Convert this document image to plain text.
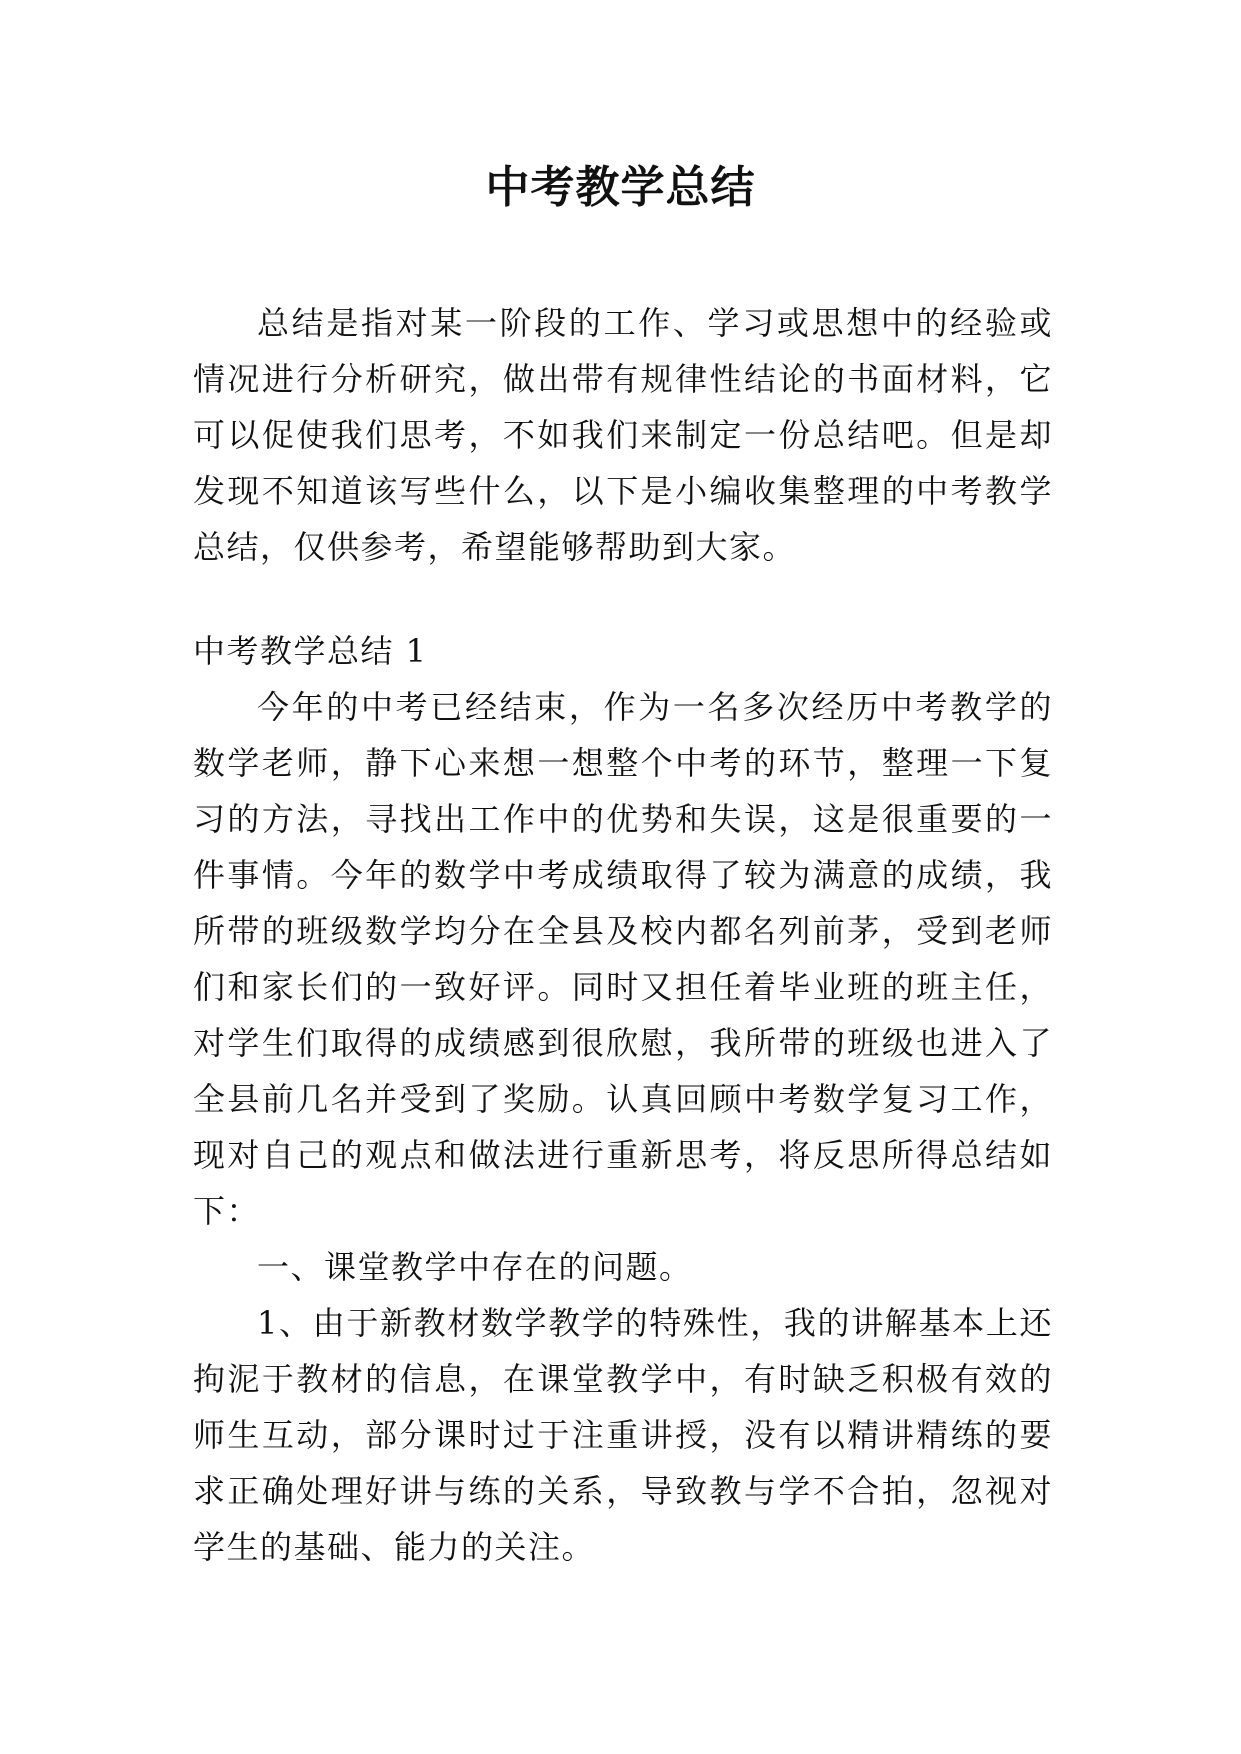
中考教学总结

总结是指对某一阶段的工作、学习或思想中的经验或情况进行分析研究，做出带有规律性结论的书面材料，它可以促使我们思考，不如我们来制定一份总结吧。但是却发现不知道该写些什么，以下是小编收集整理的中考教学总结，仅供参考，希望能够帮助到大家。

中考教学总结 1

今年的中考已经结束，作为一名多次经历中考教学的数学老师，静下心来想一想整个中考的环节，整理一下复习的方法，寻找出工作中的优势和失误，这是很重要的一件事情。今年的数学中考成绩取得了较为满意的成绩，我所带的班级数学均分在全县及校内都名列前茅，受到老师们和家长们的一致好评。同时又担任着毕业班的班主任，对学生们取得的成绩感到很欣慰，我所带的班级也进入了全县前几名并受到了奖励。认真回顾中考数学复习工作，现对自己的观点和做法进行重新思考，将反思所得总结如下：

一、课堂教学中存在的问题。

1、由于新教材数学教学的特殊性，我的讲解基本上还拘泥于教材的信息，在课堂教学中，有时缺乏积极有效的师生互动，部分课时过于注重讲授，没有以精讲精练的要求正确处理好讲与练的关系，导致教与学不合拍，忽视对学生的基础、能力的关注。
